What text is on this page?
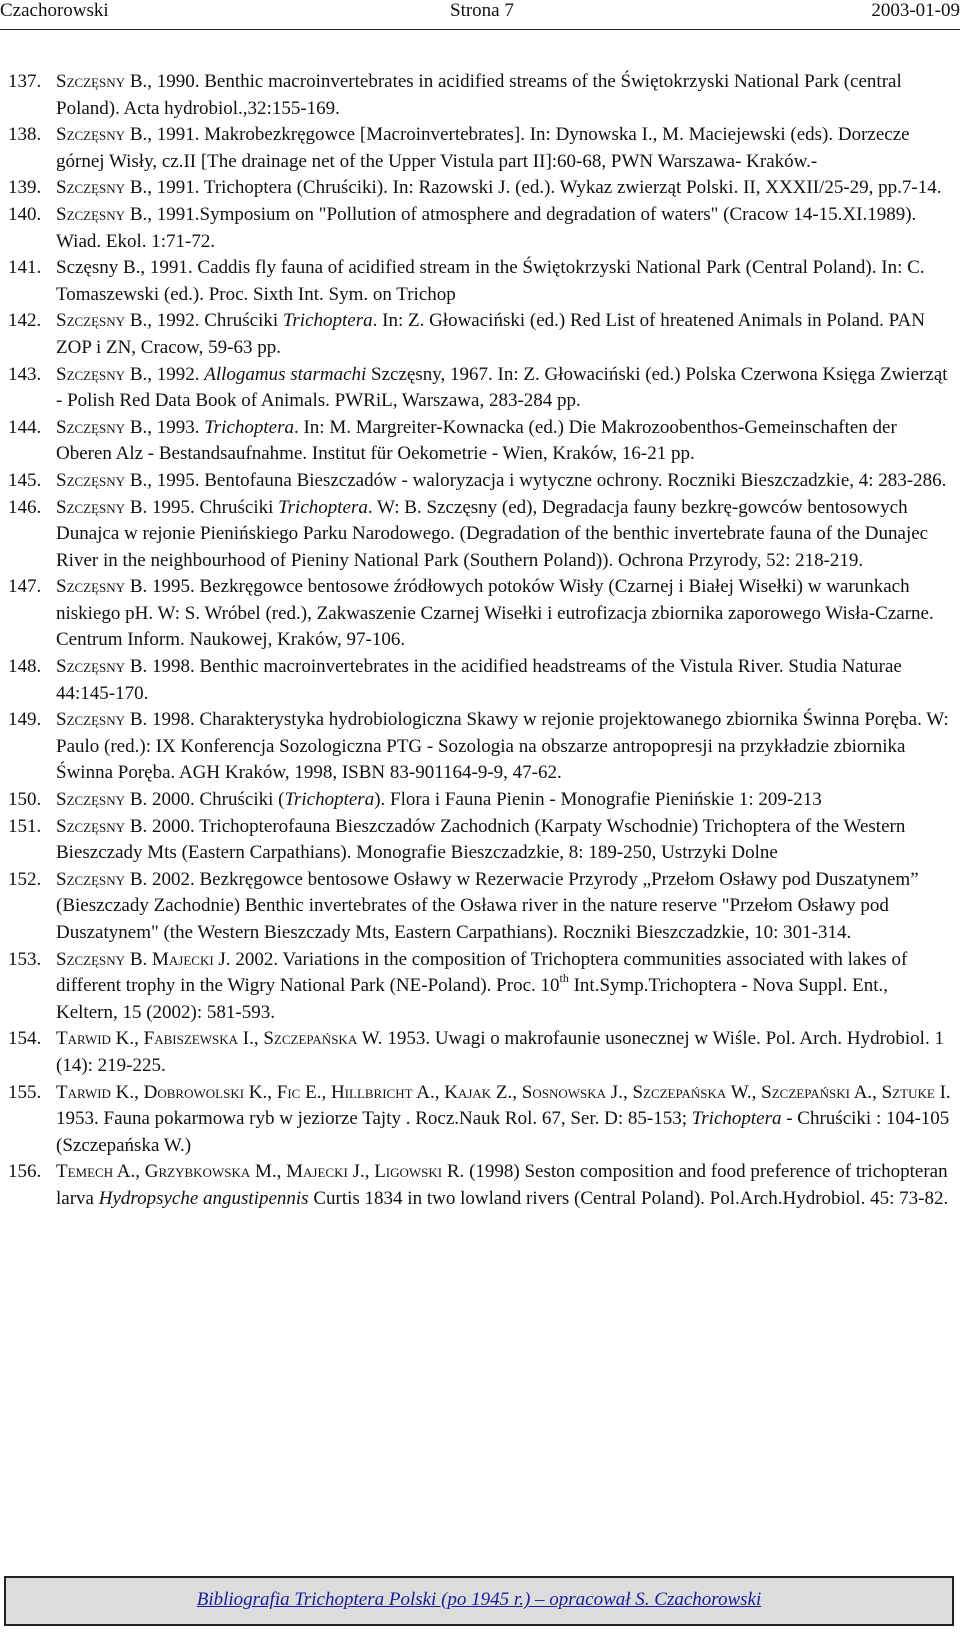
Czachorowski	Strona 7	2003-01-09
137. Szczęsny B., 1990. Benthic macroinvertebrates in acidified streams of the Świętokrzyski National Park (central Poland). Acta hydrobiol.,32:155-169.
138. Szczęsny B., 1991. Makrobezkręgowce [Macroinvertebrates]. In: Dynowska I., M. Maciejewski (eds). Dorzecze górnej Wisły, cz.II [The drainage net of the Upper Vistula part II]:60-68, PWN Warszawa- Kraków.-
139. Szczęsny B., 1991. Trichoptera (Chruściki). In: Razowski J. (ed.). Wykaz zwierząt Polski. II, XXXII/25-29, pp.7-14.
140. Szczęsny B., 1991.Symposium on "Pollution of atmosphere and degradation of waters" (Cracow 14-15.XI.1989). Wiad. Ekol. 1:71-72.
141. Sczęsny B., 1991. Caddis fly fauna of acidified stream in the Świętokrzyski National Park (Central Poland). In: C. Tomaszewski (ed.). Proc. Sixth Int. Sym. on Trichop
142. Szczęsny B., 1992. Chruściki Trichoptera. In: Z. Głowaciński (ed.) Red List of hreatened Animals in Poland. PAN ZOP i ZN, Cracow, 59-63 pp.
143. Szczęsny B., 1992. Allogamus starmachi Szczęsny, 1967. In: Z. Głowaciński (ed.) Polska Czerwona Księga Zwierząt - Polish Red Data Book of Animals. PWRiL, Warszawa, 283-284 pp.
144. Szczęsny B., 1993. Trichoptera. In: M. Margreiter-Kownacka (ed.) Die Makrozoobenthos-Gemeinschaften der Oberen Alz - Bestandsaufnahme. Institut für Oekometrie - Wien, Kraków, 16-21 pp.
145. Szczęsny B., 1995. Bentofauna Bieszczadów - waloryzacja i wytyczne ochrony. Roczniki Bieszczadzkie, 4: 283-286.
146. Szczęsny B. 1995. Chruściki Trichoptera. W: B. Szczęsny (ed), Degradacja fauny bezkrę-gowców bentosowych Dunajca w rejonie Pienińskiego Parku Narodowego. (Degradation of the benthic invertebrate fauna of the Dunajec River in the neighbourhood of Pieniny National Park (Southern Poland)). Ochrona Przyrody, 52: 218-219.
147. Szczęsny B. 1995. Bezkręgowce bentosowe źródłowych potoków Wisły (Czarnej i Białej Wisełki) w warunkach niskiego pH. W: S. Wróbel (red.), Zakwaszenie Czarnej Wisełki i eutrofizacja zbiornika zaporowego Wisła-Czarne. Centrum Inform. Naukowej, Kraków, 97-106.
148. Szczęsny B. 1998. Benthic macroinvertebrates in the acidified headstreams of the Vistula River. Studia Naturae 44:145-170.
149. Szczęsny B. 1998. Charakterystyka hydrobiologiczna Skawy w rejonie projektowanego zbiornika Świnna Poręba. W: Paulo (red.): IX Konferencja Sozologiczna PTG - Sozologia na obszarze antropopresji na przykładzie zbiornika Świnna Poręba. AGH Kraków, 1998, ISBN 83-901164-9-9, 47-62.
150. Szczęsny B. 2000. Chruściki (Trichoptera). Flora i Fauna Pienin - Monografie Pienińskie 1: 209-213
151. Szczęsny B. 2000. Trichopterofauna Bieszczadów Zachodnich (Karpaty Wschodnie) Trichoptera of the Western Bieszczady Mts (Eastern Carpathians). Monografie Bieszczadzkie, 8: 189-250, Ustrzyki Dolne
152. Szczęsny B. 2002. Bezkręgowce bentosowe Osławy w Rezerwacie Przyrody „Przełom Osławy pod Duszatynem” (Bieszczady Zachodnie) Benthic invertebrates of the Osława river in the nature reserve "Przełom Osławy pod Duszatynem" (the Western Bieszczady Mts, Eastern Carpathians). Roczniki Bieszczadzkie, 10: 301-314.
153. Szczęsny B. Majecki J. 2002. Variations in the composition of Trichoptera communities associated with lakes of different trophy in the Wigry National Park (NE-Poland). Proc. 10th Int.Symp.Trichoptera - Nova Suppl. Ent., Keltern, 15 (2002): 581-593.
154. Tarwid K., Fabiszewska I., Szczepańska W. 1953. Uwagi o makrofaunie usonecznej w Wiśle. Pol. Arch. Hydrobiol. 1 (14): 219-225.
155. Tarwid K., Dobrowolski K., Fic E., Hillbricht A., Kajak Z., Sosnowska J., Szczepańska W., Szczepański A., Sztuke I. 1953. Fauna pokarmowa ryb w jeziorze Tajty . Rocz.Nauk Rol. 67, Ser. D: 85-153; Trichoptera - Chruściki : 104-105 (Szczepańska W.)
156. Temech A., Grzybkowska M., Majecki J., Ligowski R. (1998) Seston composition and food preference of trichopteran larva Hydropsyche angustipennis Curtis 1834 in two lowland rivers (Central Poland). Pol.Arch.Hydrobiol. 45: 73-82.
Bibliografia Trichoptera Polski (po 1945 r.) – opracował S. Czachorowski
